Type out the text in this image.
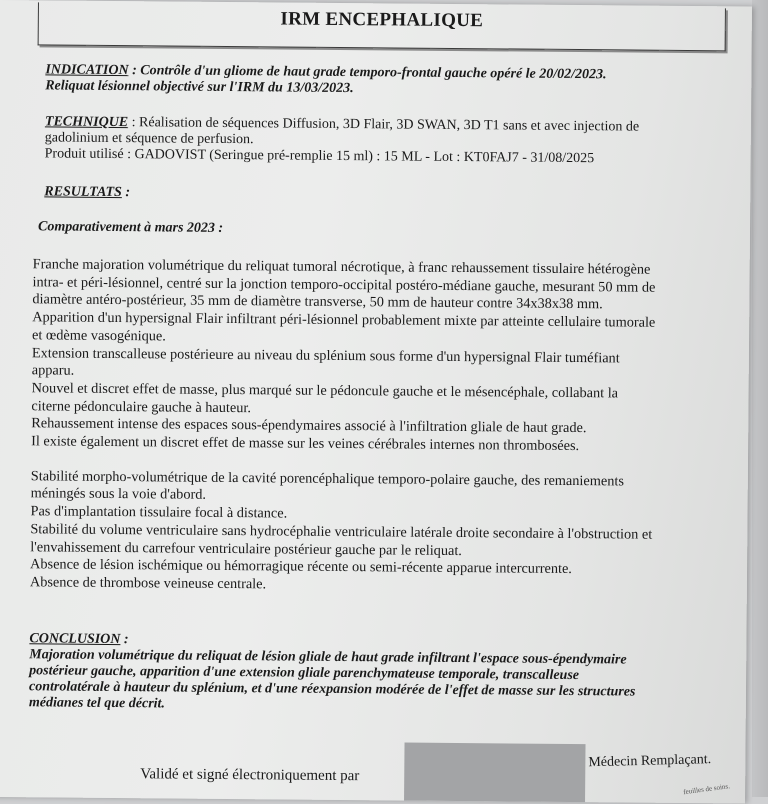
IRM ENCEPHALIQUE

INDICATION : Contrôle d'un gliome de haut grade temporo-frontal gauche opéré le 20/02/2023.

Reliquat lésionnel objectivé sur l'IRM du 13/03/2023.

TECHNIQUE : Réalisation de séquences Diffusion, 3D Flair, 3D SWAN, 3D T1 sans et avec injection de

gadolinium et séquence de perfusion.

Produit utilisé : GADOVIST (Seringue pré-remplie 15 ml) : 15 ML - Lot : KT0FAJ7 - 31/08/2025

RESULTATS :

Comparativement à mars 2023 :

Franche majoration volumétrique du reliquat tumoral nécrotique, à franc rehaussement tissulaire hétérogène

intra- et péri-lésionnel, centré sur la jonction temporo-occipital postéro-médiane gauche, mesurant 50 mm de

diamètre antéro-postérieur, 35 mm de diamètre transverse, 50 mm de hauteur contre 34x38x38 mm.

Apparition d'un hypersignal Flair infiltrant péri-lésionnel probablement mixte par atteinte cellulaire tumorale

et œdème vasogénique.

Extension transcalleuse postérieure au niveau du splénium sous forme d'un hypersignal Flair tuméfiant

apparu.

Nouvel et discret effet de masse, plus marqué sur le pédoncule gauche et le mésencéphale, collabant la

citerne pédonculaire gauche à hauteur.

Rehaussement intense des espaces sous-épendymaires associé à l'infiltration gliale de haut grade.

Il existe également un discret effet de masse sur les veines cérébrales internes non thrombosées.

Stabilité morpho-volumétrique de la cavité porencéphalique temporo-polaire gauche, des remaniements

méningés sous la voie d'abord.

Pas d'implantation tissulaire focal à distance.

Stabilité du volume ventriculaire sans hydrocéphalie ventriculaire latérale droite secondaire à l'obstruction et

l'envahissement du carrefour ventriculaire postérieur gauche par le reliquat.

Absence de lésion ischémique ou hémorragique récente ou semi-récente apparue intercurrente.

Absence de thrombose veineuse centrale.

CONCLUSION :

Majoration volumétrique du reliquat de lésion gliale de haut grade infiltrant l'espace sous-épendymaire

postérieur gauche, apparition d'une extension gliale parenchymateuse temporale, transcalleuse

controlatérale à hauteur du splénium, et d'une réexpansion modérée de l'effet de masse sur les structures

médianes tel que décrit.

Validé et signé électroniquement par
Médecin Remplaçant.
feuilles de soins.
